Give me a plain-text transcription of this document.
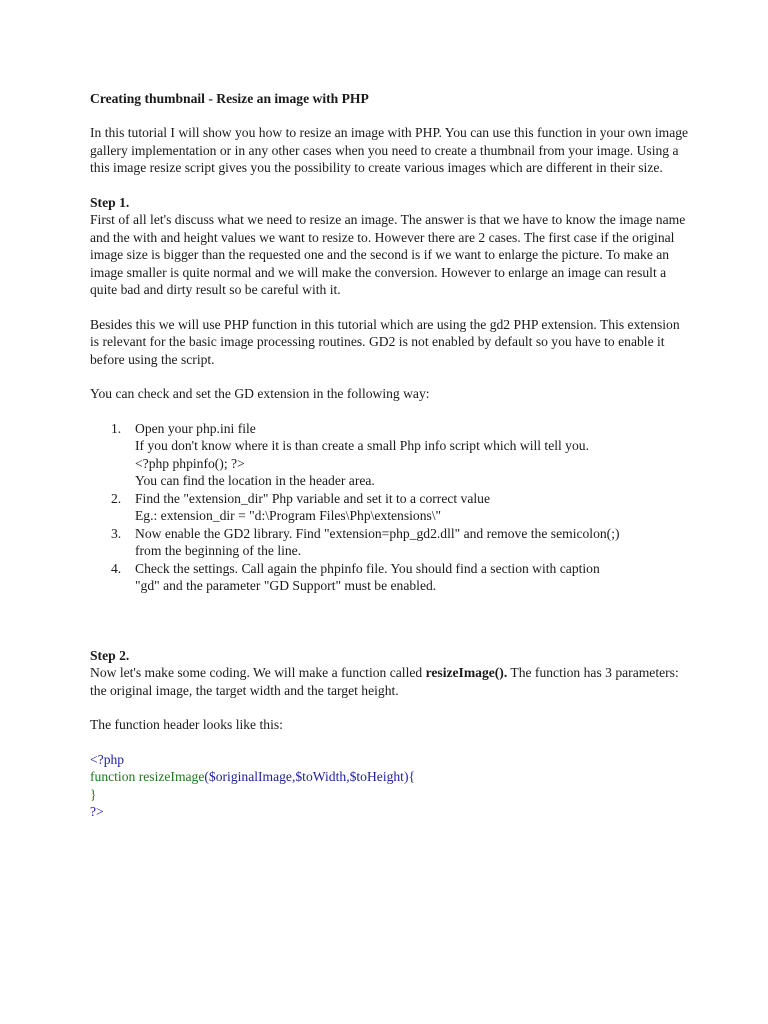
Creating thumbnail - Resize an image with PHP

In this tutorial I will show you how to resize an image with PHP. You can use this function in your own image gallery implementation or in any other cases when you need to create a thumbnail from your image. Using a this image resize script gives you the possibility to create various images which are different in their size.

Step 1.

First of all let's discuss what we need to resize an image. The answer is that we have to know the image name and the with and height values we want to resize to. However there are 2 cases. The first case if the original image size is bigger than the requested one and the second is if we want to enlarge the picture. To make an image smaller is quite normal and we will make the conversion. However to enlarge an image can result a quite bad and dirty result so be careful with it.

Besides this we will use PHP function in this tutorial which are using the gd2 PHP extension. This extension is relevant for the basic image processing routines. GD2 is not enabled by default so you have to enable it before using the script.

You can check and set the GD extension in the following way:

1. Open your php.ini file
If you don't know where it is than create a small Php info script which will tell you.
<?php phpinfo(); ?>
You can find the location in the header area.
2. Find the "extension_dir" Php variable and set it to a correct value
Eg.: extension_dir = "d:\Program Files\Php\extensions\"
3. Now enable the GD2 library. Find "extension=php_gd2.dll" and remove the semicolon(;)
from the beginning of the line.
4. Check the settings. Call again the phpinfo file. You should find a section with caption
"gd" and the parameter "GD Support" must be enabled.

Step 2.

Now let's make some coding. We will make a function called resizeImage(). The function has 3 parameters: the original image, the target width and the target height.

The function header looks like this:

<?php
function resizeImage($originalImage,$toWidth,$toHeight){
}
?>
